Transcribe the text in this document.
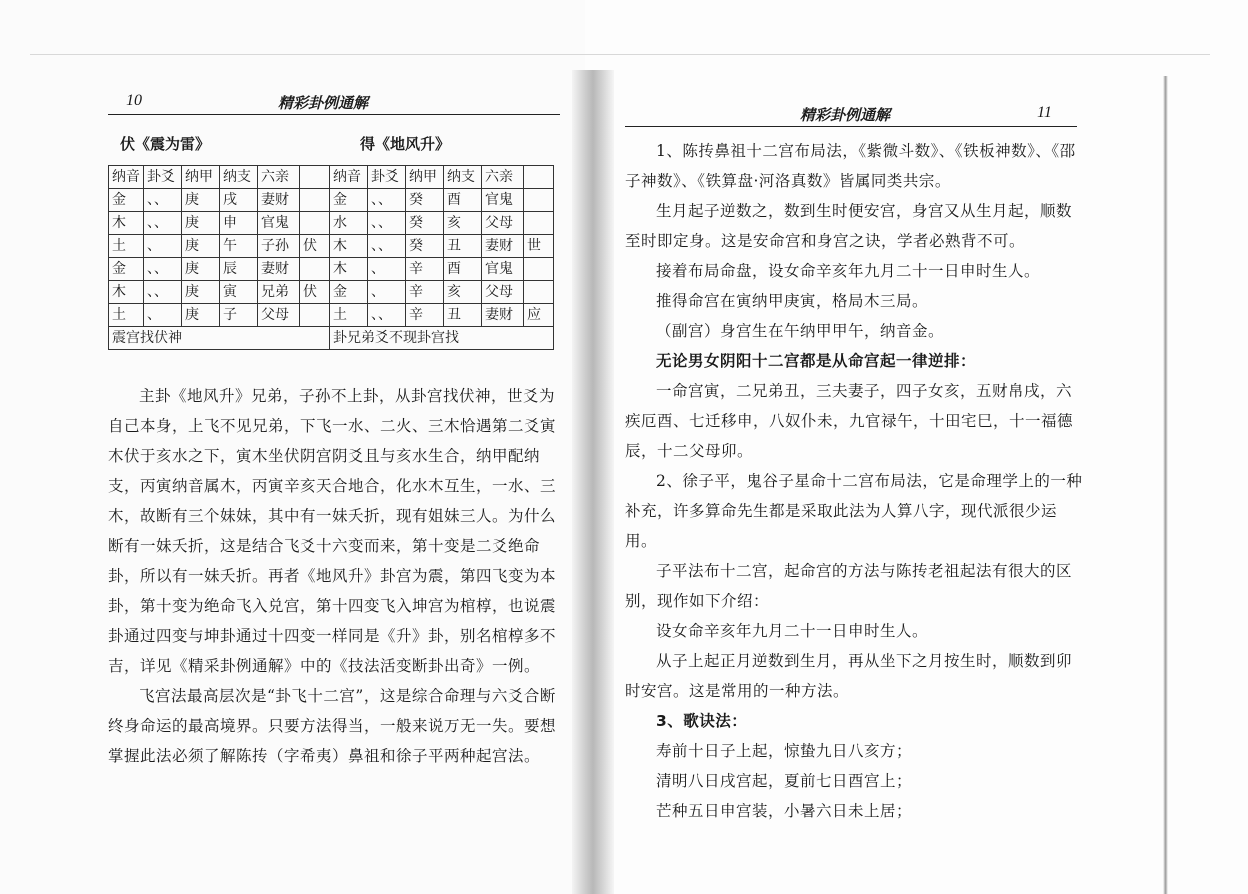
10	精彩卦例通解
伏《震为雷》	得《地风升》
纳音	卦爻	纳甲	纳支	六亲		纳音	卦爻	纳甲	纳支	六亲	
金	、、	庚	戌	妻财		金	、、	癸	酉	官鬼	
木	、、	庚	申	官鬼		水	、、	癸	亥	父母	
土	、	庚	午	子孙	伏	木	、、	癸	丑	妻财	世
金	、、	庚	辰	妻财		木	、	辛	酉	官鬼	
木	、、	庚	寅	兄弟	伏	金	、	辛	亥	父母	
土	、	庚	子	父母		土	、、	辛	丑	妻财	应
震宫找伏神						卦兄弟爻不现卦宫找					

主卦《地风升》兄弟，子孙不上卦，从卦宫找伏神，世爻为自己本身，上飞不见兄弟，下飞一水、二火、三木恰遇第二爻寅木伏于亥水之下，寅木坐伏阴宫阴爻且与亥水生合，纳甲配纳支，丙寅纳音属木，丙寅辛亥天合地合，化水木互生，一水、三木，故断有三个妹妹，其中有一妹夭折，现有姐妹三人。为什么断有一妹夭折，这是结合飞爻十六变而来，第十变是二爻绝命卦，所以有一妹夭折。再者《地风升》卦宫为震，第四飞变为本卦，第十变为绝命飞入兑宫，第十四变飞入坤宫为棺椁，也说震卦通过四变与坤卦通过十四变一样同是《升》卦，别名棺椁多不吉，详见《精采卦例通解》中的《技法活变断卦出奇》一例。

飞宫法最高层次是“卦飞十二宫”，这是综合命理与六爻合断终身命运的最高境界。只要方法得当，一般来说万无一失。要想掌握此法必须了解陈抟（字希夷）鼻祖和徐子平两种起宫法。

精彩卦例通解	11

1、陈抟鼻祖十二宫布局法，《紫微斗数》、《铁板神数》、《邵子神数》、《铁算盘·河洛真数》皆属同类共宗。

生月起子逆数之，数到生时便安宫，身宫又从生月起，顺数至时即定身。这是安命宫和身宫之诀，学者必熟背不可。

接着布局命盘，设女命辛亥年九月二十一日申时生人。

推得命宫在寅纳甲庚寅，格局木三局。

（副宫）身宫生在午纳甲甲午，纳音金。

无论男女阴阳十二宫都是从命宫起一律逆排：

一命宫寅，二兄弟丑，三夫妻子，四子女亥，五财帛戌，六疾厄酉、七迁移申，八奴仆未，九官禄午，十田宅巳，十一福德辰，十二父母卯。

2、徐子平，鬼谷子星命十二宫布局法，它是命理学上的一种补充，许多算命先生都是采取此法为人算八字，现代派很少运用。

子平法布十二宫，起命宫的方法与陈抟老祖起法有很大的区别，现作如下介绍：

设女命辛亥年九月二十一日申时生人。

从子上起正月逆数到生月，再从坐下之月按生时，顺数到卯时安宫。这是常用的一种方法。

3、歌诀法：

寿前十日子上起，惊蛰九日八亥方；

清明八日戌宫起，夏前七日酉宫上；

芒种五日申宫装，小暑六日未上居；
